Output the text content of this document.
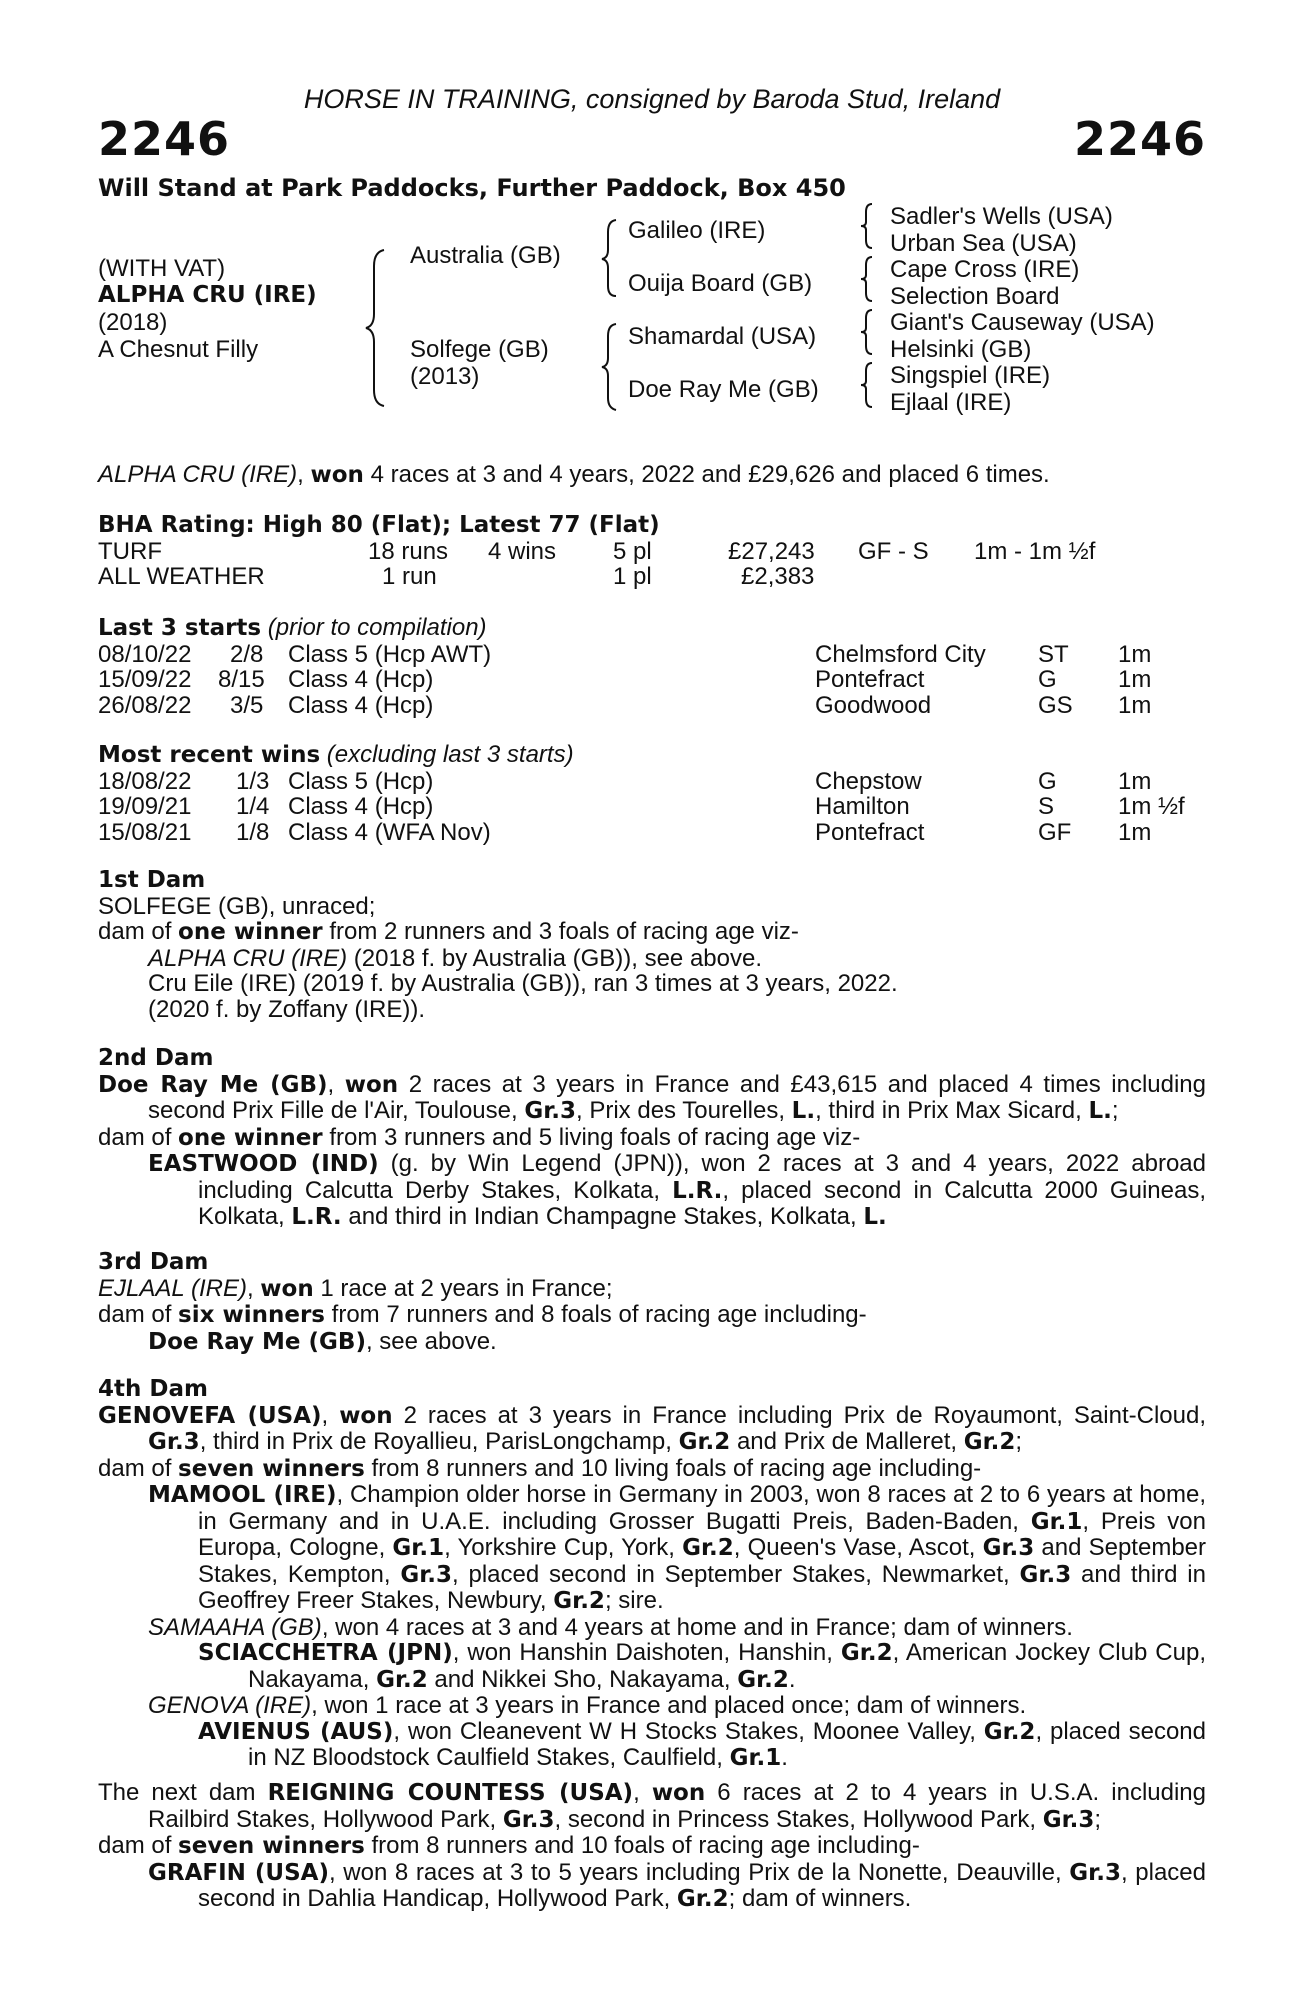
HORSE IN TRAINING, consigned by Baroda Stud, Ireland
2246	2246
Will Stand at Park Paddocks, Further Paddock, Box 450
(WITH VAT)
ALPHA CRU (IRE)
(2018)
A Chesnut Filly
Australia (GB)
Solfege (GB)
(2013)
Galileo (IRE)
Ouija Board (GB)
Shamardal (USA)
Doe Ray Me (GB)
Sadler's Wells (USA)
Urban Sea (USA)
Cape Cross (IRE)
Selection Board
Giant's Causeway (USA)
Helsinki (GB)
Singspiel (IRE)
Ejlaal (IRE)

ALPHA CRU (IRE), won 4 races at 3 and 4 years, 2022 and £29,626 and placed 6 times.

BHA Rating: High 80 (Flat); Latest 77 (Flat)

TURF	18 runs 4 wins 5 pl	£27,243 GF - S 1m - 1m ½f
ALL WEATHER	1 run	1 pl	£2,383

Last 3 starts (prior to compilation)

08/10/22 2/8 Class 5 (Hcp AWT)	Chelmsford City ST 1m
15/09/22 8/15 Class 4 (Hcp)	Pontefract	G	1m
26/08/22 3/5 Class 4 (Hcp)	Goodwood	GS 1m

Most recent wins (excluding last 3 starts)

18/08/22 1/3 Class 5 (Hcp)	Chepstow	G	1m
19/09/21 1/4 Class 4 (Hcp)	Hamilton	S	1m ½f
15/08/21 1/8 Class 4 (WFA Nov)	Pontefract	GF 1m

1st Dam

SOLFEGE (GB), unraced;

dam of one winner from 2 runners and 3 foals of racing age viz-

ALPHA CRU (IRE) (2018 f. by Australia (GB)), see above.

Cru Eile (IRE) (2019 f. by Australia (GB)), ran 3 times at 3 years, 2022.

(2020 f. by Zoffany (IRE)).

2nd Dam

Doe Ray Me (GB), won 2 races at 3 years in France and £43,615 and placed 4 times including second Prix Fille de l'Air, Toulouse, Gr.3, Prix des Tourelles, L., third in Prix Max Sicard, L.;

dam of one winner from 3 runners and 5 living foals of racing age viz-

EASTWOOD (IND) (g. by Win Legend (JPN)), won 2 races at 3 and 4 years, 2022 abroad including Calcutta Derby Stakes, Kolkata, L.R., placed second in Calcutta 2000 Guineas, Kolkata, L.R. and third in Indian Champagne Stakes, Kolkata, L.

3rd Dam

EJLAAL (IRE), won 1 race at 2 years in France;

dam of six winners from 7 runners and 8 foals of racing age including-

Doe Ray Me (GB), see above.

4th Dam

GENOVEFA (USA), won 2 races at 3 years in France including Prix de Royaumont, Saint-Cloud, Gr.3, third in Prix de Royallieu, ParisLongchamp, Gr.2 and Prix de Malleret, Gr.2;

dam of seven winners from 8 runners and 10 living foals of racing age including-

MAMOOL (IRE), Champion older horse in Germany in 2003, won 8 races at 2 to 6 years at home, in Germany and in U.A.E. including Grosser Bugatti Preis, Baden-Baden, Gr.1, Preis von Europa, Cologne, Gr.1, Yorkshire Cup, York, Gr.2, Queen's Vase, Ascot, Gr.3 and September Stakes, Kempton, Gr.3, placed second in September Stakes, Newmarket, Gr.3 and third in Geoffrey Freer Stakes, Newbury, Gr.2; sire.

SAMAAHA (GB), won 4 races at 3 and 4 years at home and in France; dam of winners.

SCIACCHETRA (JPN), won Hanshin Daishoten, Hanshin, Gr.2, American Jockey Club Cup, Nakayama, Gr.2 and Nikkei Sho, Nakayama, Gr.2.

GENOVA (IRE), won 1 race at 3 years in France and placed once; dam of winners.

AVIENUS (AUS), won Cleanevent W H Stocks Stakes, Moonee Valley, Gr.2, placed second in NZ Bloodstock Caulfield Stakes, Caulfield, Gr.1.

The next dam REIGNING COUNTESS (USA), won 6 races at 2 to 4 years in U.S.A. including Railbird Stakes, Hollywood Park, Gr.3, second in Princess Stakes, Hollywood Park, Gr.3;

dam of seven winners from 8 runners and 10 foals of racing age including-

GRAFIN (USA), won 8 races at 3 to 5 years including Prix de la Nonette, Deauville, Gr.3, placed second in Dahlia Handicap, Hollywood Park, Gr.2; dam of winners.
